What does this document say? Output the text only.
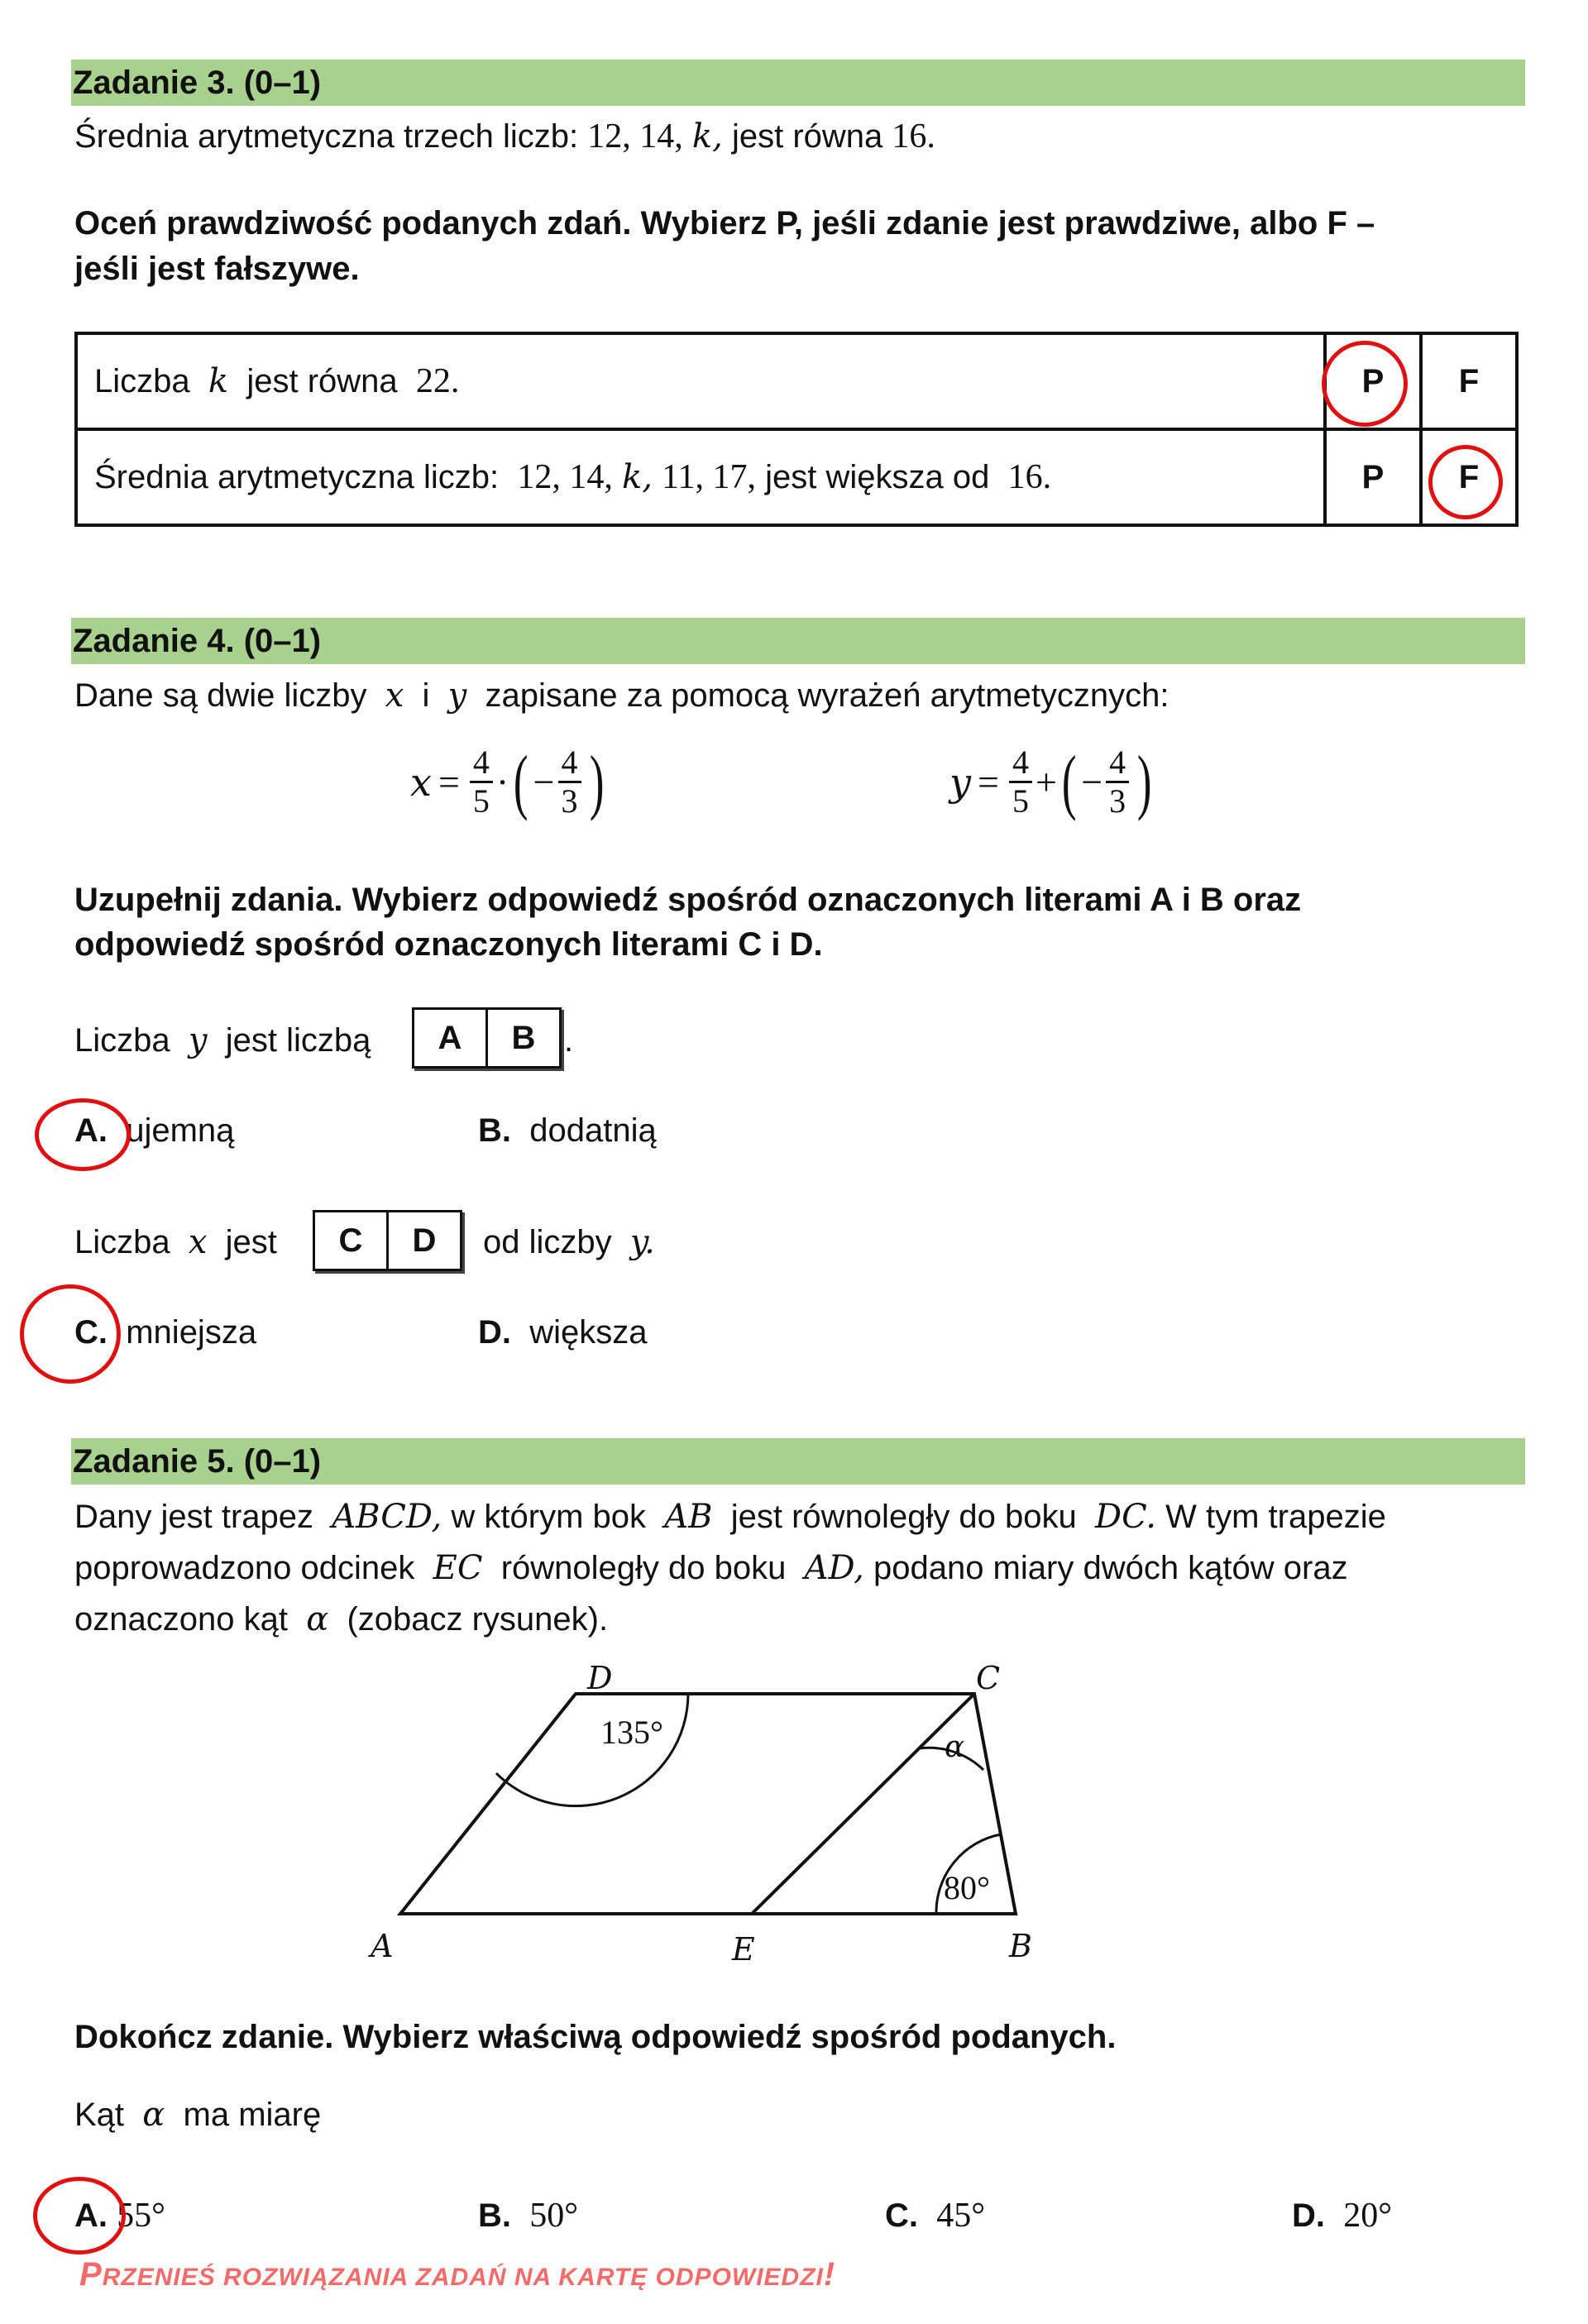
Zadanie 3. (0–1)
Średnia arytmetyczna trzech liczb: 12, 14, k, jest równa 16.
Oceń prawdziwość podanych zdań. Wybierz P, jeśli zdanie jest prawdziwe, albo F –
jeśli jest fałszywe.
Liczba k jest równa 22.	P	F
Średnia arytmetyczna liczb: 12, 14, k, 11, 17, jest większa od 16.	P	F
Zadanie 4. (0–1)
Dane są dwie liczby x i y zapisane za pomocą wyrażeń arytmetycznych:
$x = \frac{4}{5}$ · ( − $\frac{4}{3}$ )	$y = \frac{4}{5}$ + ( − $\frac{4}{3}$ )
Uzupełnij zdania. Wybierz odpowiedź spośród oznaczonych literami A i B oraz
odpowiedź spośród oznaczonych literami C i D.
Liczba y jest liczbą	A	B .
A. ujemną	B. dodatnią
Liczba x jest	C	D	od liczby y.
C. mniejsza	D. większa
Zadanie 5. (0–1)
Dany jest trapez ABCD, w którym bok AB jest równoległy do boku DC. W tym trapezie
poprowadzono odcinek EC równoległy do boku AD, podano miary dwóch kątów oraz
oznaczono kąt α (zobacz rysunek).
D	C
A	E	B
α
135°
80°
Dokończ zdanie. Wybierz właściwą odpowiedź spośród podanych.
Kąt α ma miarę
A. 55°	B. 50°	C. 45°	D. 20°
PRZENIEŚ ROZWIĄZANIA ZADAŃ NA KARTĘ ODPOWIEDZI!
